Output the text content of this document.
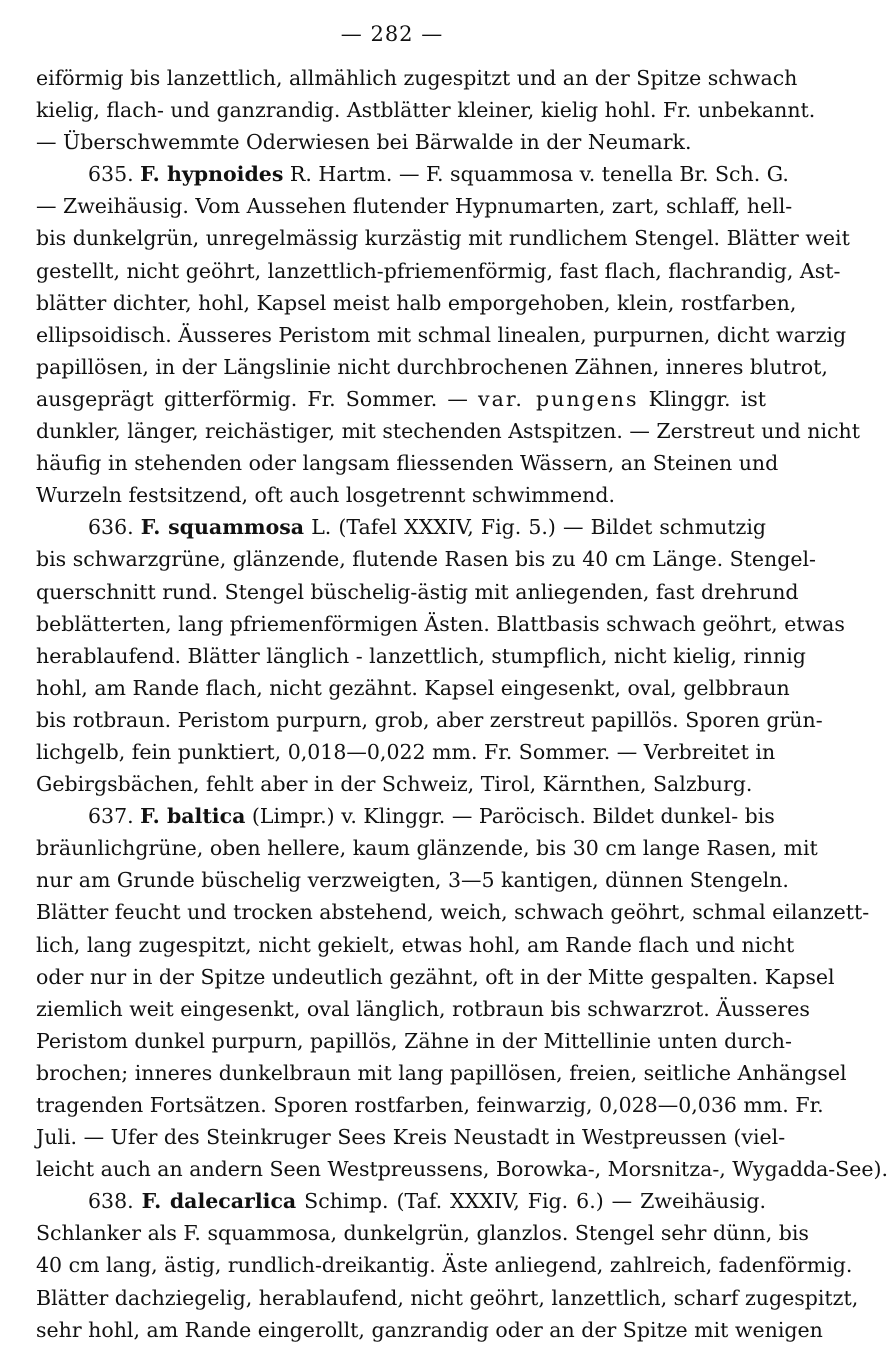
— 282 —
eiförmig bis lanzettlich, allmählich zugespitzt und an der Spitze schwach
kielig, flach- und ganzrandig. Astblätter kleiner, kielig hohl. Fr. unbekannt.
— Überschwemmte Oderwiesen bei Bärwalde in der Neumark.
635. F. hypnoides R. Hartm. — F. squammosa v. tenella Br. Sch. G.
— Zweihäusig. Vom Aussehen flutender Hypnumarten, zart, schlaff, hell-
bis dunkelgrün, unregelmässig kurzästig mit rundlichem Stengel. Blätter weit
gestellt, nicht geöhrt, lanzettlich-pfriemenförmig, fast flach, flachrandig, Ast-
blätter dichter, hohl, Kapsel meist halb emporgehoben, klein, rostfarben,
ellipsoidisch. Äusseres Peristom mit schmal linealen, purpurnen, dicht warzig
papillösen, in der Längslinie nicht durchbrochenen Zähnen, inneres blutrot,
ausgeprägt gitterförmig. Fr. Sommer. — var. pungens Klinggr. ist
dunkler, länger, reichästiger, mit stechenden Astspitzen. — Zerstreut und nicht
häufig in stehenden oder langsam fliessenden Wässern, an Steinen und
Wurzeln festsitzend, oft auch losgetrennt schwimmend.
636. F. squammosa L. (Tafel XXXIV, Fig. 5.) — Bildet schmutzig
bis schwarzgrüne, glänzende, flutende Rasen bis zu 40 cm Länge. Stengel-
querschnitt rund. Stengel büschelig-ästig mit anliegenden, fast drehrund
beblätterten, lang pfriemenförmigen Ästen. Blattbasis schwach geöhrt, etwas
herablaufend. Blätter länglich - lanzettlich, stumpflich, nicht kielig, rinnig
hohl, am Rande flach, nicht gezähnt. Kapsel eingesenkt, oval, gelbbraun
bis rotbraun. Peristom purpurn, grob, aber zerstreut papillös. Sporen grün-
lichgelb, fein punktiert, 0,018—0,022 mm. Fr. Sommer. — Verbreitet in
Gebirgsbächen, fehlt aber in der Schweiz, Tirol, Kärnthen, Salzburg.
637. F. baltica (Limpr.) v. Klinggr. — Paröcisch. Bildet dunkel- bis
bräunlichgrüne, oben hellere, kaum glänzende, bis 30 cm lange Rasen, mit
nur am Grunde büschelig verzweigten, 3—5 kantigen, dünnen Stengeln.
Blätter feucht und trocken abstehend, weich, schwach geöhrt, schmal eilanzett-
lich, lang zugespitzt, nicht gekielt, etwas hohl, am Rande flach und nicht
oder nur in der Spitze undeutlich gezähnt, oft in der Mitte gespalten. Kapsel
ziemlich weit eingesenkt, oval länglich, rotbraun bis schwarzrot. Äusseres
Peristom dunkel purpurn, papillös, Zähne in der Mittellinie unten durch-
brochen; inneres dunkelbraun mit lang papillösen, freien, seitliche Anhängsel
tragenden Fortsätzen. Sporen rostfarben, feinwarzig, 0,028—0,036 mm. Fr.
Juli. — Ufer des Steinkruger Sees Kreis Neustadt in Westpreussen (viel-
leicht auch an andern Seen Westpreussens, Borowka-, Morsnitza-, Wygadda-See).
638. F. dalecarlica Schimp. (Taf. XXXIV, Fig. 6.) — Zweihäusig.
Schlanker als F. squammosa, dunkelgrün, glanzlos. Stengel sehr dünn, bis
40 cm lang, ästig, rundlich-dreikantig. Äste anliegend, zahlreich, fadenförmig.
Blätter dachziegelig, herablaufend, nicht geöhrt, lanzettlich, scharf zugespitzt,
sehr hohl, am Rande eingerollt, ganzrandig oder an der Spitze mit wenigen
